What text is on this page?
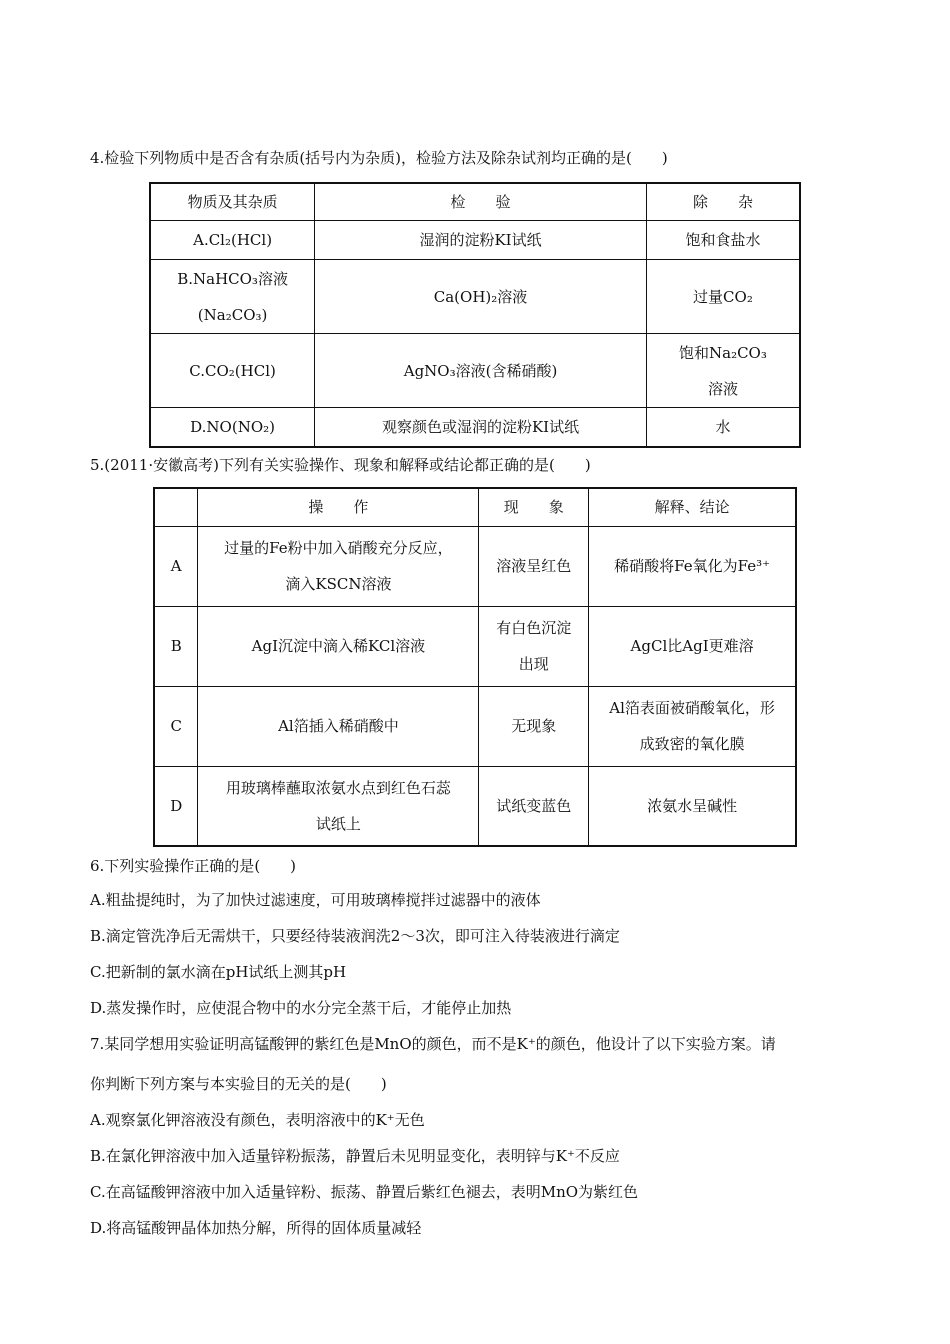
4.检验下列物质中是否含有杂质(括号内为杂质)，检验方法及除杂试剂均正确的是(　　)
物质及其杂质	检　　验	除　　杂
A.Cl₂(HCl)	湿润的淀粉KI试纸	饱和食盐水

B.NaHCO₃溶液
(Na₂CO₃)	Ca(OH)₂溶液	过量CO₂
C.CO₂(HCl)	AgNO₃溶液(含稀硝酸)	饱和Na₂CO₃
溶液

D.NO(NO₂)	观察颜色或湿润的淀粉KI试纸	水
5.(2011·安徽高考)下列有关实验操作、现象和解释或结论都正确的是(　　)
	操　　作	现　　象	解释、结论
A	过量的Fe粉中加入硝酸充分反应，
滴入KSCN溶液	溶液呈红色	稀硝酸将Fe氧化为Fe³⁺
B	AgI沉淀中滴入稀KCl溶液	有白色沉淀
出现	AgCl比AgI更难溶
C	Al箔插入稀硝酸中	无现象	Al箔表面被硝酸氧化，形
成致密的氧化膜

D	用玻璃棒蘸取浓氨水点到红色石蕊
试纸上	试纸变蓝色	浓氨水呈碱性
6.下列实验操作正确的是(　　)
A.粗盐提纯时，为了加快过滤速度，可用玻璃棒搅拌过滤器中的液体
B.滴定管洗净后无需烘干，只要经待装液润洗2～3次，即可注入待装液进行滴定
C.把新制的氯水滴在pH试纸上测其pH
D.蒸发操作时，应使混合物中的水分完全蒸干后，才能停止加热
7.某同学想用实验证明高锰酸钾的紫红色是MnO的颜色，而不是K⁺的颜色，他设计了以下实验方案。请
你判断下列方案与本实验目的无关的是(　　)
A.观察氯化钾溶液没有颜色，表明溶液中的K⁺无色
B.在氯化钾溶液中加入适量锌粉振荡，静置后未见明显变化，表明锌与K⁺不反应
C.在高锰酸钾溶液中加入适量锌粉、振荡、静置后紫红色褪去，表明MnO为紫红色
D.将高锰酸钾晶体加热分解，所得的固体质量减轻
